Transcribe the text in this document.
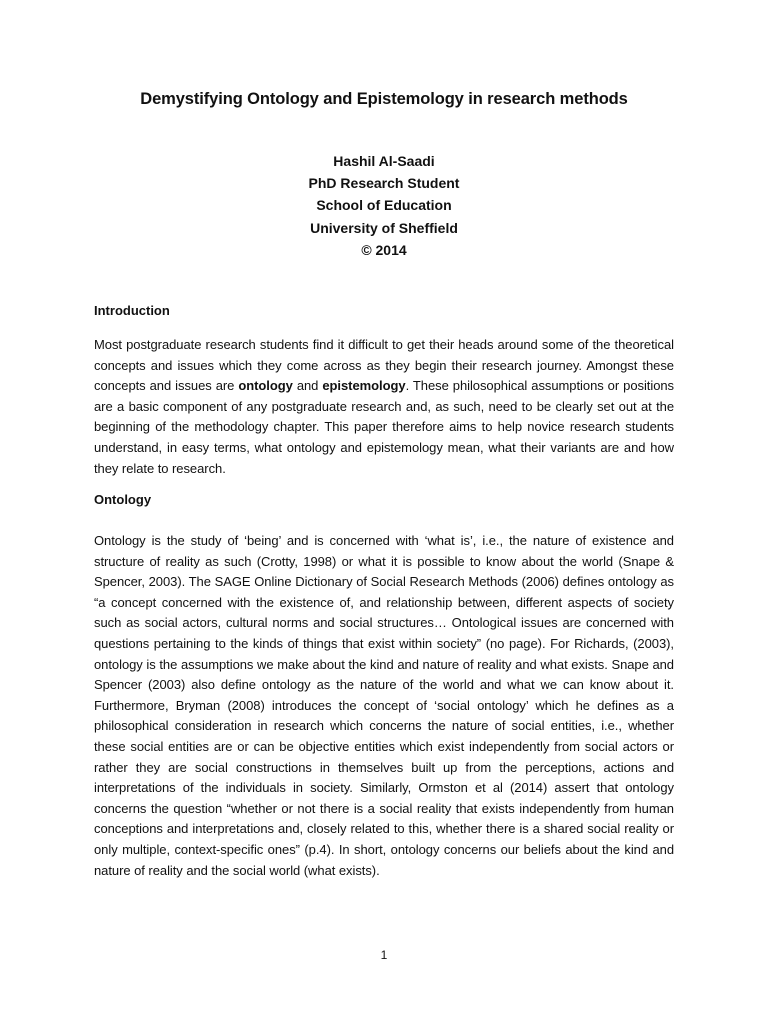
Demystifying Ontology and Epistemology in research methods
Hashil Al-Saadi
PhD Research Student
School of Education
University of Sheffield
© 2014
Introduction

Most postgraduate research students find it difficult to get their heads around some of the theoretical concepts and issues which they come across as they begin their research journey. Amongst these concepts and issues are ontology and epistemology. These philosophical assumptions or positions are a basic component of any postgraduate research and, as such, need to be clearly set out at the beginning of the methodology chapter. This paper therefore aims to help novice research students understand, in easy terms, what ontology and epistemology mean, what their variants are and how they relate to research.

Ontology

Ontology is the study of ‘being’ and is concerned with ‘what is’, i.e., the nature of existence and structure of reality as such (Crotty, 1998) or what it is possible to know about the world (Snape & Spencer, 2003). The SAGE Online Dictionary of Social Research Methods (2006) defines ontology as “a concept concerned with the existence of, and relationship between, different aspects of society such as social actors, cultural norms and social structures… Ontological issues are concerned with questions pertaining to the kinds of things that exist within society” (no page). For Richards, (2003), ontology is the assumptions we make about the kind and nature of reality and what exists. Snape and Spencer (2003) also define ontology as the nature of the world and what we can know about it. Furthermore, Bryman (2008) introduces the concept of ‘social ontology’ which he defines as a philosophical consideration in research which concerns the nature of social entities, i.e., whether these social entities are or can be objective entities which exist independently from social actors or rather they are social constructions in themselves built up from the perceptions, actions and interpretations of the individuals in society. Similarly, Ormston et al (2014) assert that ontology concerns the question “whether or not there is a social reality that exists independently from human conceptions and interpretations and, closely related to this, whether there is a shared social reality or only multiple, context-specific ones” (p.4). In short, ontology concerns our beliefs about the kind and nature of reality and the social world (what exists).

1
